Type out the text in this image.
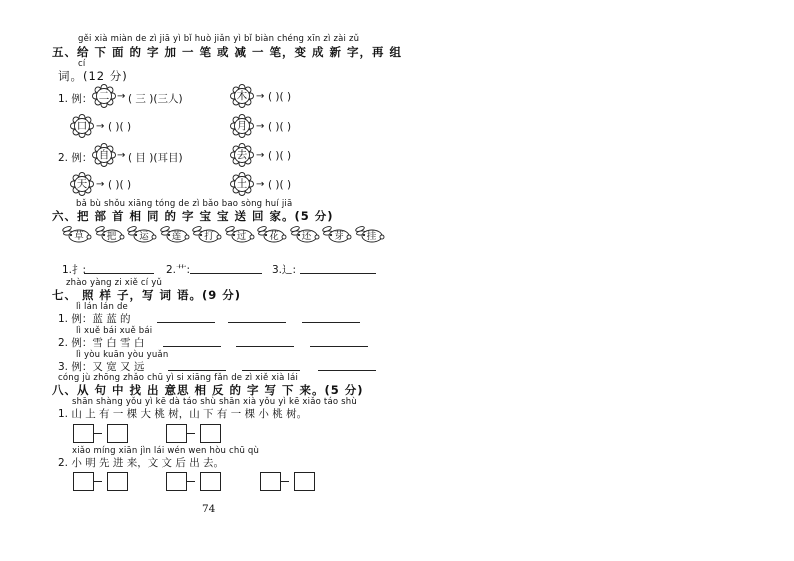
gěi xià miàn de zì jiā yì bǐ huò jiǎn yì bǐ biàn chéng xīn zì zài zǔ
五、给 下 面 的 字 加 一 笔 或 减 一 笔，变 成 新 字，再 组
cí
词。(12 分)
1. 例： 二 → ( 三 )(三人)	木 → ( )( )
口 → ( )( )	月 → ( )( )
2. 例： 自 → ( 目 )(耳目)	去 → ( )( )
天 → ( )( )	土 → ( )( )
bǎ bù shǒu xiāng tóng de zì bǎo bao sòng huí jiā
六、把 部 首 相 同 的 字 宝 宝 送 回 家。(5 分)
草 把 运 莲 打 过 花 还 芽 挂
1.扌:	2.艹:	3.辶:
zhào yàng zi xiě cí yǔ
七、 照 样 子，写 词 语。(9 分)
lì lán lán de
1. 例：蓝 蓝 的
lì xuě bái xuě bái
2. 例：雪 白 雪 白
lì yòu kuān yòu yuǎn
3. 例：又 宽 又 远
cóng jù zhōng zhǎo chū yì si xiāng fǎn de zì xiě xià lái
八、从 句 中 找 出 意思 相 反 的 字 写 下 来。(5 分)
shān shàng yǒu yì kē dà táo shù shān xià yǒu yì kē xiǎo táo shù
1. 山 上 有 一 棵 大 桃 树，山 下 有 一 棵 小 桃 树。
xiǎo míng xiān jìn lái wén wen hòu chū qù
2. 小 明 先 进 来，文 文 后 出 去。
74
